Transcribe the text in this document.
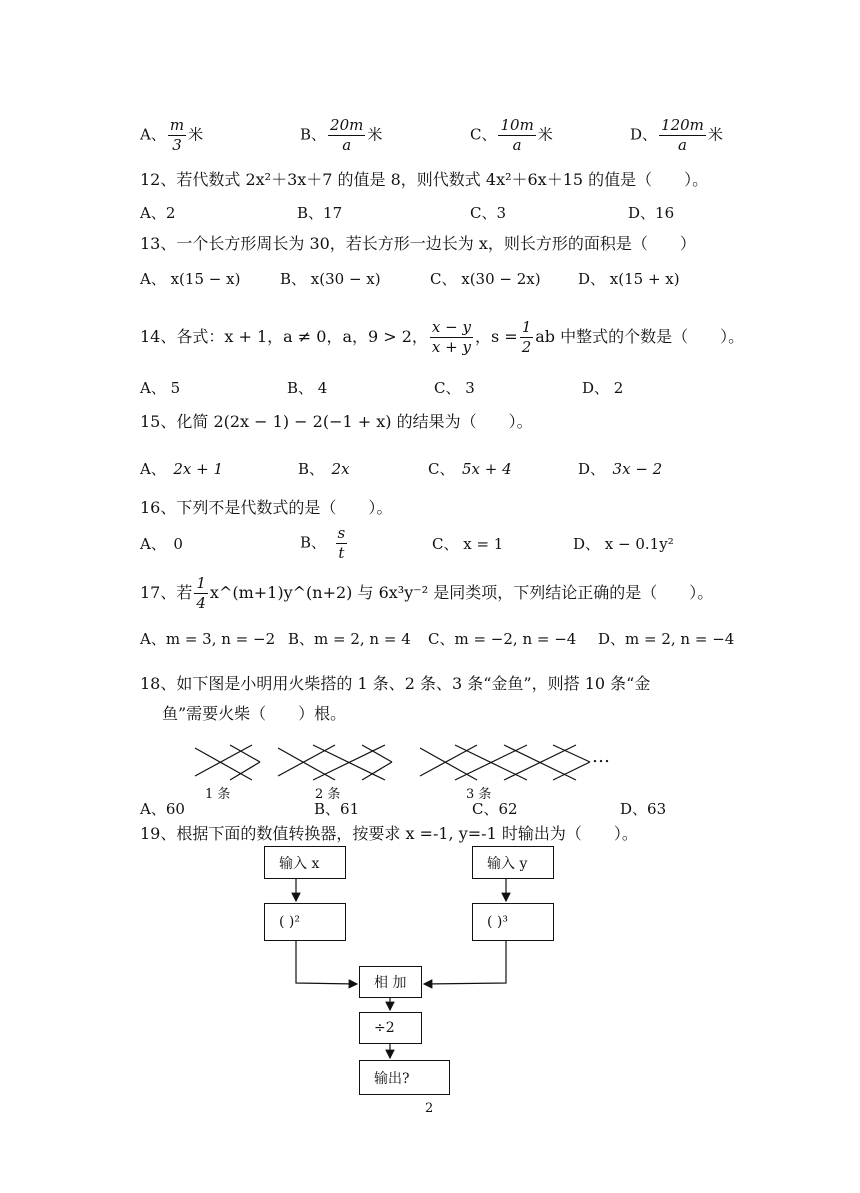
A、 $\frac{m}{3}$ 米	B、 $\frac{20m}{a}$ 米	C、 $\frac{10m}{a}$ 米	D、 $\frac{120m}{a}$ 米
12、若代数式 2x²＋3x＋7 的值是 8，则代数式 4x²＋6x＋15 的值是（　　）。
A、2	B、17	C、3	D、16
13、一个长方形周长为 30，若长方形一边长为 x，则长方形的面积是（　　）
A、 x(15 − x)	B、 x(30 − x)	C、 x(30 − 2x) D、 x(15 + x)
14、各式：x + 1，a ≠ 0，a，9 > 2， $\frac{x - y}{x + y}$ ，$s = \frac{1}{2}$ ab 中整式的个数是（　　）。
A、 5	B、 4	C、 3	D、 2
15、化简 2(2x − 1) − 2(−1 + x) 的结果为（　　）。
A、　 2x + 1	B、　 2x	C、　 5x + 4	D、　 3x − 2
16、下列不是代数式的是（　　）。
A、　0	B、　 $\frac{s}{t}$	C、 x = 1	D、 x − 0.1y²
17、若 $\frac{1}{4}$ x^(m+1)y^(n+2) 与 6x³y⁻² 是同类项，下列结论正确的是（　　）。
A、m = 3, n = −2 B、m = 2, n = 4 C、m = −2, n = −4 D、m = 2, n = −4
18、如下图是小明用火柴搭的 1 条、2 条、3 条“金鱼”，则搭 10 条“金
鱼”需要火柴（　　）根。
…
1 条	2 条	3 条
A、60	B、61	C、62	D、63
19、根据下面的数值转换器，按要求 x =-1, y=-1 时输出为（　　）。
输入 x	输入 y
( )²	( )³
相 加
÷2
输出?
2
